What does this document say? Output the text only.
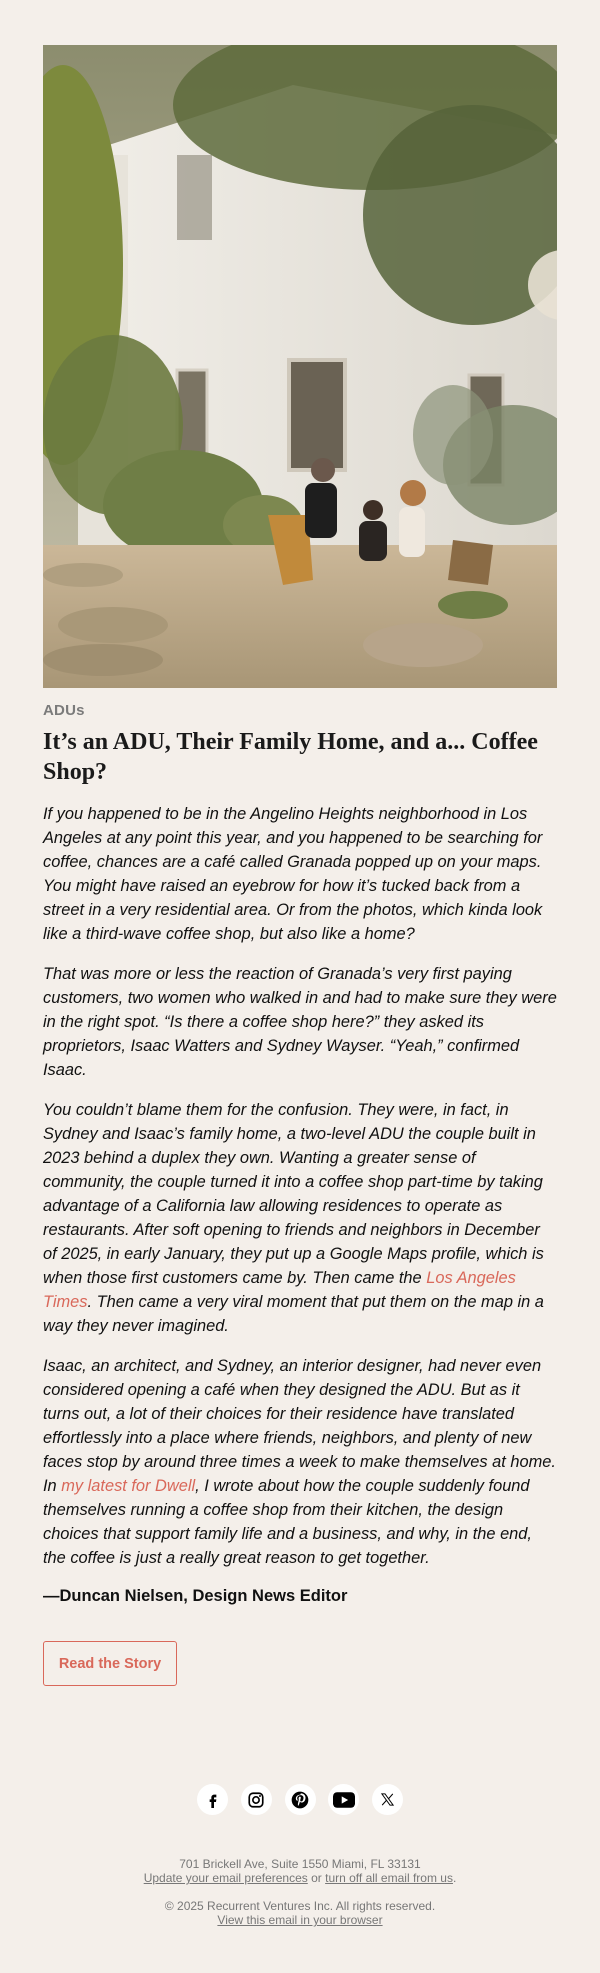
ADUs
It’s an ADU, Their Family Home, and a... Coffee Shop?

If you happened to be in the Angelino Heights neighborhood in Los Angeles at any point this year, and you happened to be searching for coffee, chances are a café called Granada popped up on your maps. You might have raised an eyebrow for how it’s tucked back from a street in a very residential area. Or from the photos, which kinda look like a third-wave coffee shop, but also like a home?

That was more or less the reaction of Granada’s very first paying customers, two women who walked in and had to make sure they were in the right spot. “Is there a coffee shop here?” they asked its proprietors, Isaac Watters and Sydney Wayser. “Yeah,” confirmed Isaac.

You couldn’t blame them for the confusion. They were, in fact, in Sydney and Isaac’s family home, a two-level ADU the couple built in 2023 behind a duplex they own. Wanting a greater sense of community, the couple turned it into a coffee shop part-time by taking advantage of a California law allowing residences to operate as restaurants. After soft opening to friends and neighbors in December of 2025, in early January, they put up a Google Maps profile, which is when those first customers came by. Then came the Los Angeles Times. Then came a very viral moment that put them on the map in a way they never imagined.

Isaac, an architect, and Sydney, an interior designer, had never even considered opening a café when they designed the ADU. But as it turns out, a lot of their choices for their residence have translated effortlessly into a place where friends, neighbors, and plenty of new faces stop by around three times a week to make themselves at home. In my latest for Dwell, I wrote about how the couple suddenly found themselves running a coffee shop from their kitchen, the design choices that support family life and a business, and why, in the end, the coffee is just a really great reason to get together.

—Duncan Nielsen, Design News Editor
Read the Story
701 Brickell Ave, Suite 1550 Miami, FL 33131
Update your email preferences or turn off all email from us.
© 2025 Recurrent Ventures Inc. All rights reserved.
View this email in your browser
